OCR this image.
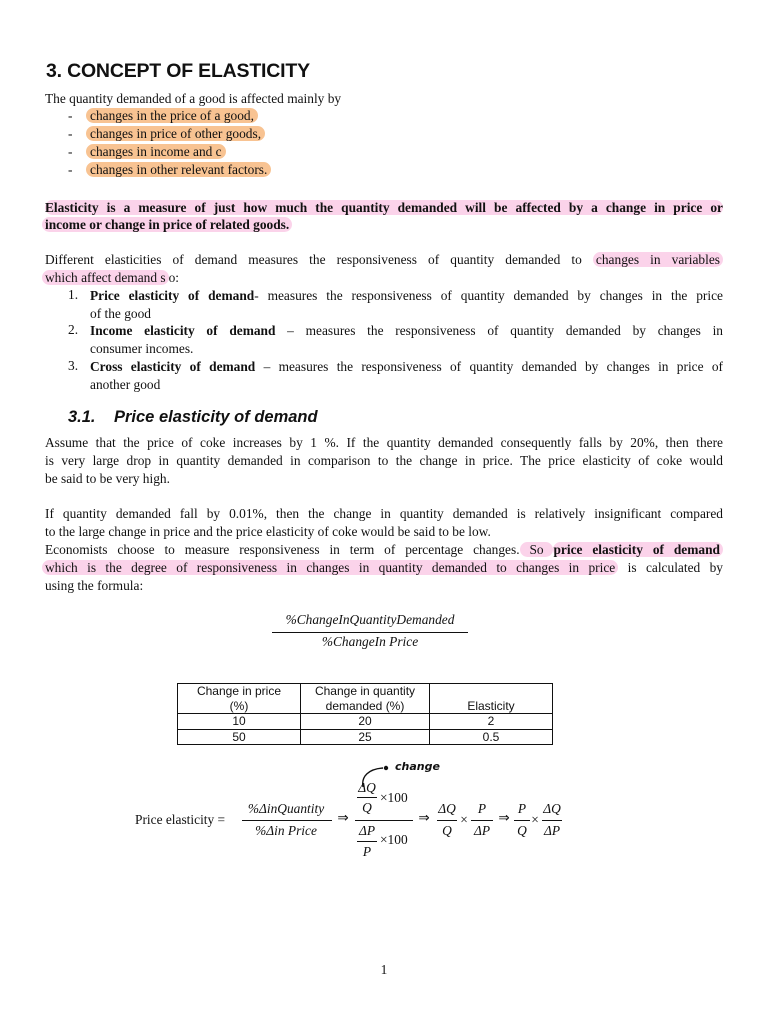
3. CONCEPT OF ELASTICITY
The quantity demanded of a good is affected mainly by
- changes in the price of a good,
- changes in price of other goods,
- changes in income and c
- changes in other relevant factors.
Elasticity is a measure of just how much the quantity demanded will be affected by a change in price or
income or change in price of related goods.
Different elasticities of demand measures the responsiveness of quantity demanded to changes in variables
which affect demand s o:
1. Price elasticity of demand- measures the responsiveness of quantity demanded by changes in the price
of the good
2. Income elasticity of demand – measures the responsiveness of quantity demanded by changes in
consumer incomes.
3. Cross elasticity of demand – measures the responsiveness of quantity demanded by changes in price of
another good
3.1. Price elasticity of demand
Assume that the price of coke increases by 1 %. If the quantity demanded consequently falls by 20%, then there
is very large drop in quantity demanded in comparison to the change in price. The price elasticity of coke would
be said to be very high.
If quantity demanded fall by 0.01%, then the change in quantity demanded is relatively insignificant compared
to the large change in price and the price elasticity of coke would be said to be low.
Economists choose to measure responsiveness in term of percentage changes. So price elasticity of demand
which is the degree of responsiveness in changes in quantity demanded to changes in price is calculated by
using the formula:
%ChangeInQuantityDemanded
%ChangeIn Price
Change in price
(%)	Change in quantity
demanded (%)	Elasticity
10	20	2
50	25	0.5
Price elasticity =
%ΔinQuantity
%Δin Price
⇒
ΔQ
Q
×100
ΔP
P
×100
⇒
ΔQ
Q
×
P
ΔP
⇒
P
Q
×
ΔQ
ΔP
change
1
